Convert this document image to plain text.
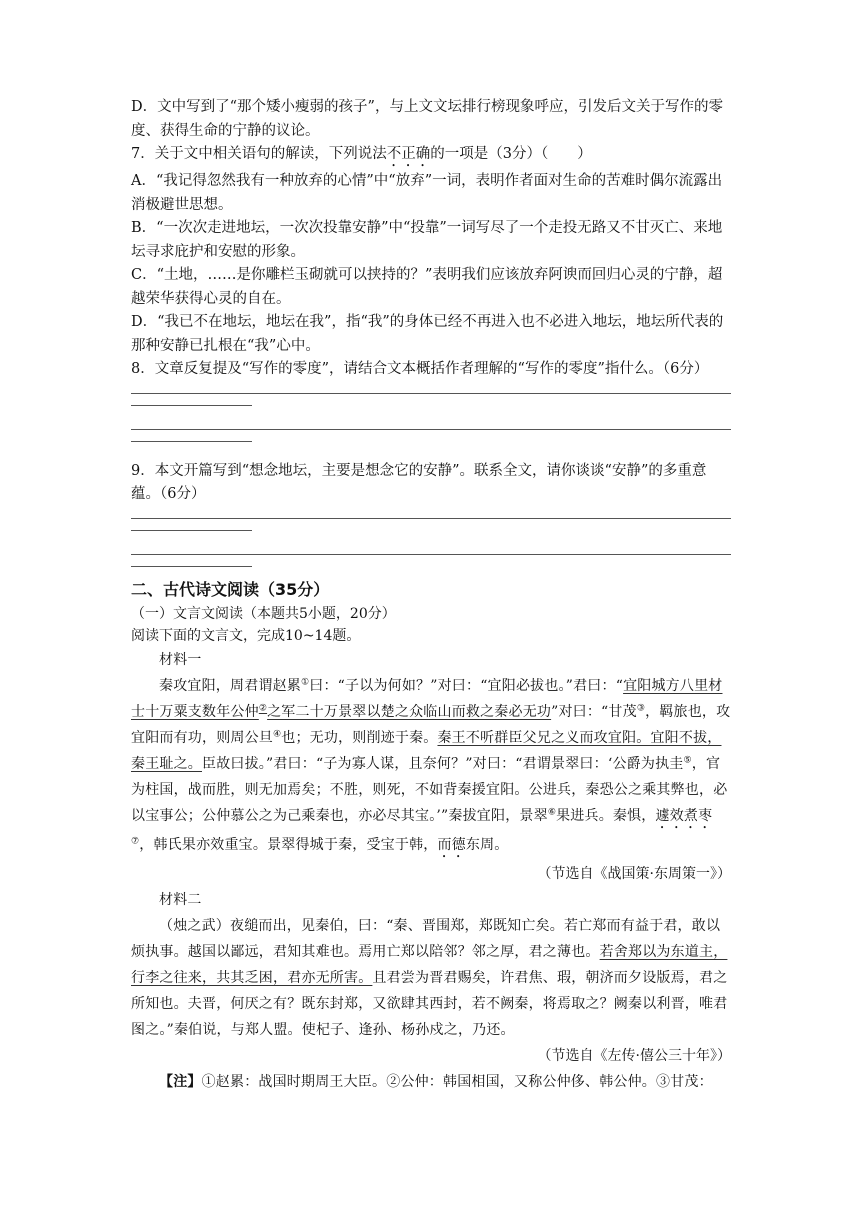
D．文中写到了“那个矮小瘦弱的孩子”，与上文文坛排行榜现象呼应，引发后文关于写作的零度、获得生命的宁静的议论。

7．关于文中相关语句的解读，下列说法不正确的一项是（3分）（　　）

A．“我记得忽然我有一种放弃的心情”中“放弃”一词，表明作者面对生命的苦难时偶尔流露出消极避世思想。

B．“一次次走进地坛，一次次投靠安静”中“投靠”一词写尽了一个走投无路又不甘灭亡、来地坛寻求庇护和安慰的形象。

C．“土地，……是你雕栏玉砌就可以挟持的？”表明我们应该放弃阿谀而回归心灵的宁静，超越荣华获得心灵的自在。

D．“我已不在地坛，地坛在我”，指“我”的身体已经不再进入也不必进入地坛，地坛所代表的那种安静已扎根在“我”心中。

8．文章反复提及“写作的零度”，请结合文本概括作者理解的“写作的零度”指什么。（6分）

9．本文开篇写到“想念地坛，主要是想念它的安静”。联系全文，请你谈谈“安静”的多重意蕴。（6分）

二、古代诗文阅读（35分）

（一）文言文阅读（本题共5小题，20分）

阅读下面的文言文，完成10~14题。

材料一

秦攻宜阳，周君谓赵累①曰：“子以为何如？”对曰：“宜阳必拔也。”君曰：“宜阳城方八里材士十万粟支数年公仲②之军二十万景翠以楚之众临山而救之秦必无功”对曰：“甘茂③，羁旅也，攻宜阳而有功，则周公旦④也；无功，则削迹于秦。秦王不听群臣父兄之义而攻宜阳。宜阳不拔，秦王耻之。臣故曰拔。”君曰：“子为寡人谋，且奈何？”对曰：“君谓景翠曰：‘公爵为执圭⑤，官为柱国，战而胜，则无加焉矣；不胜，则死，不如背秦援宜阳。公进兵，秦恐公之乘其弊也，必以宝事公；公仲慕公之为己乘秦也，亦必尽其宝。’”秦拔宜阳，景翠⑥果进兵。秦惧，遽效煮枣⑦，韩氏果亦效重宝。景翠得城于秦，受宝于韩，而德东周。

（节选自《战国策·东周策一》）

材料二

（烛之武）夜缒而出，见秦伯，曰：“秦、晋围郑，郑既知亡矣。若亡郑而有益于君，敢以烦执事。越国以鄙远，君知其难也。焉用亡郑以陪邻？邻之厚，君之薄也。若舍郑以为东道主，行李之往来，共其乏困，君亦无所害。且君尝为晋君赐矣，许君焦、瑕，朝济而夕设版焉，君之所知也。夫晋，何厌之有？既东封郑，又欲肆其西封，若不阙秦，将焉取之？阙秦以利晋，唯君图之。”秦伯说，与郑人盟。使杞子、逢孙、杨孙戍之，乃还。

（节选自《左传·僖公三十年》）

【注】①赵累：战国时期周王大臣。②公仲：韩国相国，又称公仲侈、韩公仲。③甘茂：
